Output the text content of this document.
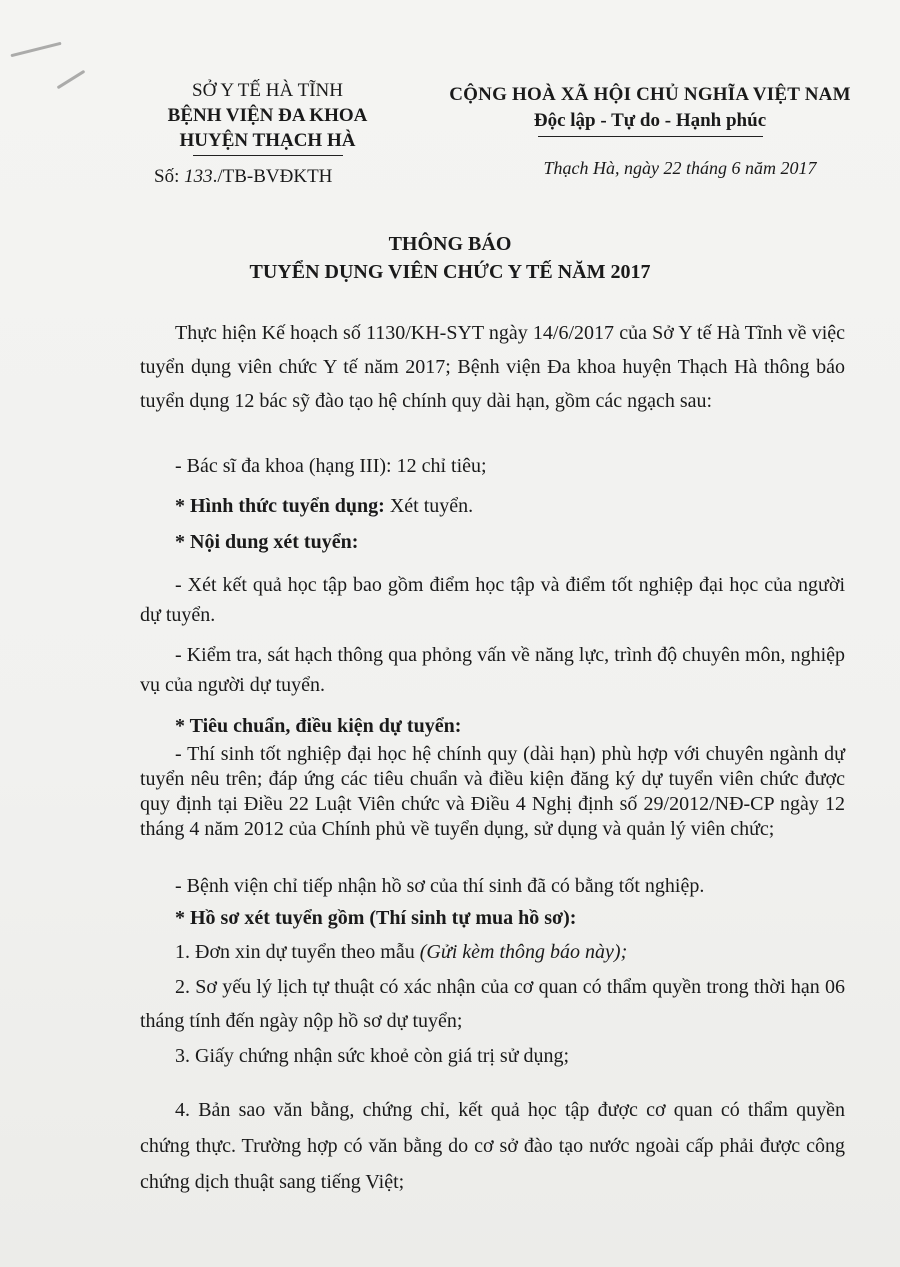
SỞ Y TẾ HÀ TĨNH
BỆNH VIỆN ĐA KHOA
HUYỆN THẠCH HÀ
Số: 133./TB-BVĐKTH
CỘNG HOÀ XÃ HỘI CHỦ NGHĨA VIỆT NAM
Độc lập - Tự do - Hạnh phúc
Thạch Hà, ngày 22 tháng 6 năm 2017
THÔNG BÁO
TUYỂN DỤNG VIÊN CHỨC Y TẾ NĂM 2017

Thực hiện Kế hoạch số 1130/KH-SYT ngày 14/6/2017 của Sở Y tế Hà Tĩnh về việc tuyển dụng viên chức Y tế năm 2017; Bệnh viện Đa khoa huyện Thạch Hà thông báo tuyển dụng 12 bác sỹ đào tạo hệ chính quy dài hạn, gồm các ngạch sau:

- Bác sĩ đa khoa (hạng III): 12 chỉ tiêu;

* Hình thức tuyển dụng: Xét tuyển.

* Nội dung xét tuyển:

- Xét kết quả học tập bao gồm điểm học tập và điểm tốt nghiệp đại học của người dự tuyển.

- Kiểm tra, sát hạch thông qua phỏng vấn về năng lực, trình độ chuyên môn, nghiệp vụ của người dự tuyển.

* Tiêu chuẩn, điều kiện dự tuyển:

- Thí sinh tốt nghiệp đại học hệ chính quy (dài hạn) phù hợp với chuyên ngành dự tuyển nêu trên; đáp ứng các tiêu chuẩn và điều kiện đăng ký dự tuyển viên chức được quy định tại Điều 22 Luật Viên chức và Điều 4 Nghị định số 29/2012/NĐ-CP ngày 12 tháng 4 năm 2012 của Chính phủ về tuyển dụng, sử dụng và quản lý viên chức;

- Bệnh viện chỉ tiếp nhận hồ sơ của thí sinh đã có bằng tốt nghiệp.

* Hồ sơ xét tuyển gồm (Thí sinh tự mua hồ sơ):

1. Đơn xin dự tuyển theo mẫu (Gửi kèm thông báo này);

2. Sơ yếu lý lịch tự thuật có xác nhận của cơ quan có thẩm quyền trong thời hạn 06 tháng tính đến ngày nộp hồ sơ dự tuyển;

3. Giấy chứng nhận sức khoẻ còn giá trị sử dụng;

4. Bản sao văn bằng, chứng chỉ, kết quả học tập được cơ quan có thẩm quyền chứng thực. Trường hợp có văn bằng do cơ sở đào tạo nước ngoài cấp phải được công chứng dịch thuật sang tiếng Việt;
